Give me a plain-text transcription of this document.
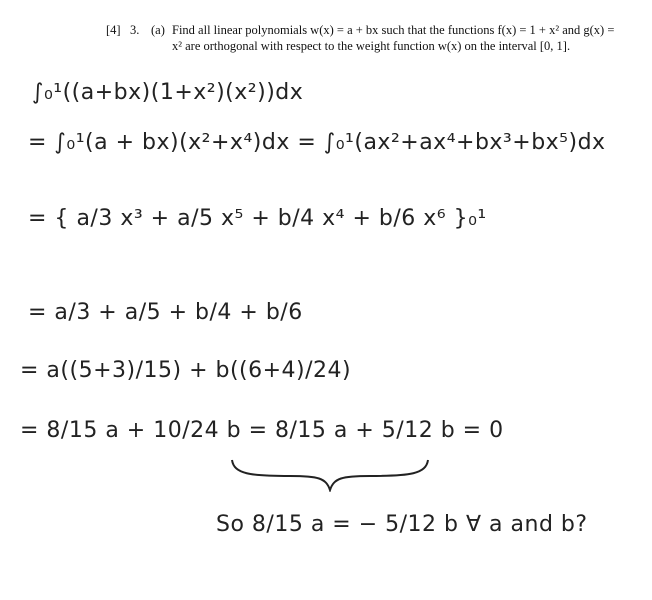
[4] 3. (a) Find all linear polynomials w(x) = a + bx such that the functions f(x) = 1 + x² and g(x) = x² are orthogonal with respect to the weight function w(x) on the interval [0, 1].
∫₀¹((a+bx)(1+x²)(x²))dx
= ∫₀¹(a + bx)(x²+x⁴)dx = ∫₀¹(ax²+ax⁴+bx³+bx⁵)dx
= { a/3 x³ + a/5 x⁵ + b/4 x⁴ + b/6 x⁶ }₀¹
= a/3 + a/5 + b/4 + b/6
= a((5+3)/15) + b((6+4)/24)
= 8/15 a + 10/24 b = 8/15 a + 5/12 b = 0
So 8/15 a = − 5/12 b ∀ a and b?
